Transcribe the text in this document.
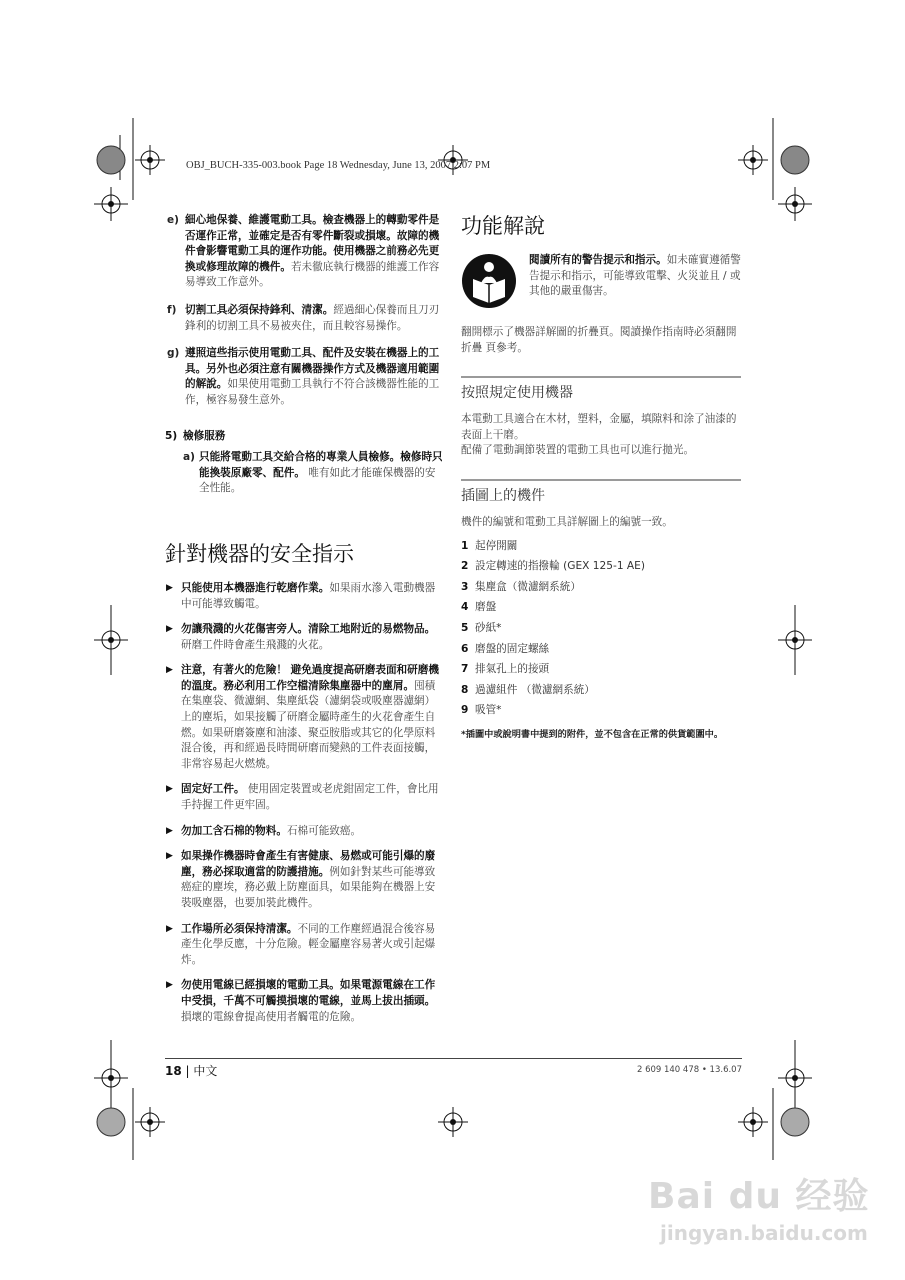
OBJ_BUCH-335-003.book Page 18 Wednesday, June 13, 2007 2:07 PM
e) 細心地保養、維護電動工具。檢查機器上的轉動零件是否運作正常，並確定是否有零件斷裂或損壞。故障的機件會影響電動工具的運作功能。使用機器之前務必先更換或修理故障的機件。若未徹底執行機器的維護工作容易導致工作意外。
f) 切割工具必須保持鋒利、清潔。經過細心保養而且刀刃鋒利的切割工具不易被夾住，而且較容易操作。
g) 遵照這些指示使用電動工具、配件及安裝在機器上的工具。另外也必須注意有關機器操作方式及機器適用範圍的解說。如果使用電動工具執行不符合該機器性能的工作，極容易發生意外。
5) 檢修服務
a) 只能將電動工具交給合格的專業人員檢修。檢修時只能換裝原廠零、配件。 唯有如此才能確保機器的安全性能。
針對機器的安全指示
▶ 只能使用本機器進行乾磨作業。如果雨水滲入電動機器中可能導致觸電。
▶ 勿讓飛濺的火花傷害旁人。清除工地附近的易燃物品。研磨工件時會產生飛濺的火花。
▶ 注意，有著火的危險！ 避免過度提高研磨表面和研磨機的溫度。務必利用工作空檔清除集塵器中的塵屑。囤積在集塵袋、微濾網、集塵紙袋（濾網袋或吸塵器濾網）上的塵垢，如果接觸了研磨金屬時產生的火花會產生自燃。如果研磨簽塵和油漆、聚亞胺脂或其它的化學原料混合後，再和經過長時間研磨而變熱的工件表面接觸，非常容易起火燃燒。
▶ 固定好工件。 使用固定裝置或老虎鉗固定工件，會比用手持握工件更牢固。
▶ 勿加工含石棉的物料。石棉可能致癌。
▶ 如果操作機器時會產生有害健康、易燃或可能引爆的廢塵，務必採取適當的防護措施。例如針對某些可能導致癌症的塵埃，務必戴上防塵面具，如果能夠在機器上安裝吸塵器，也要加裝此機件。
▶ 工作場所必須保持清潔。不同的工作塵經過混合後容易產生化學反應，十分危險。輕金屬塵容易著火或引起爆炸。
▶ 勿使用電線已經損壞的電動工具。如果電源電線在工作中受損，千萬不可觸摸損壞的電線，並馬上拔出插頭。損壞的電線會提高使用者觸電的危險。
功能解說
閱讀所有的警告提示和指示。如未確實遵循警告提示和指示，可能導致電擊、火災並且 / 或其他的嚴重傷害。
翻開標示了機器詳解圖的折疊頁。閱讀操作指南時必須翻開折疊 頁參考。
按照規定使用機器
本電動工具適合在木材，塑料，金屬，填隙料和涂了油漆的表面上干磨。
配備了電動調節裝置的電動工具也可以進行拋光。
插圖上的機件
機件的編號和電動工具詳解圖上的編號一致。
1 起停開關
2 設定轉速的指撥輪 (GEX 125-1 AE)
3 集塵盒（微濾網系統）
4 磨盤
5 砂紙*
6 磨盤的固定螺絲
7 排氣孔上的接頭
8 過濾組件 （微濾網系統）
9 吸管*
*插圖中或說明書中提到的附件，並不包含在正常的供貨範圍中。
18 | 中文	2 609 140 478 • 13.6.07
Bai du 经验
jingyan.baidu.com
